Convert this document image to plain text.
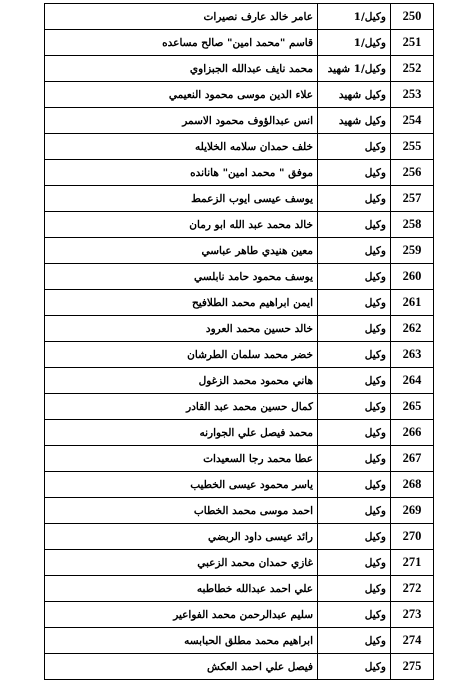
250	وكيل/1	عامر خالد عارف نصيرات
251	وكيل/1	قاسم "محمد امين" صالح مساعده
252	وكيل/1 شهيد	محمد نايف عبدالله الجبزاوي
253	وكيل شهيد	علاء الدين موسى محمود النعيمي
254	وكيل شهيد	انس عبدالؤوف محمود الاسمر
255	وكيل	خلف حمدان سلامه الخلايله
256	وكيل	موفق " محمد امين" هانانده
257	وكيل	يوسف عيسى ايوب الزعمط
258	وكيل	خالد محمد عبد الله ابو رمان
259	وكيل	معين هنيدي طاهر عباسي
260	وكيل	يوسف محمود حامد نابلسي
261	وكيل	ايمن ابراهيم محمد الطلافيح
262	وكيل	خالد حسين محمد العرود
263	وكيل	خضر محمد سلمان الطرشان
264	وكيل	هاني محمود محمد الزغول
265	وكيل	كمال حسين محمد عبد القادر
266	وكيل	محمد فيصل علي الجوارنه
267	وكيل	عطا محمد رجا السعيدات
268	وكيل	ياسر محمود عيسى الخطيب
269	وكيل	احمد موسى محمد الخطاب
270	وكيل	رائد عيسى داود الربضي
271	وكيل	غازي حمدان محمد الزعبي
272	وكيل	علي احمد عبدالله خطاطبه
273	وكيل	سليم عبدالرحمن محمد الفواعير
274	وكيل	ابراهيم محمد مطلق الحبابسه
275	وكيل	فيصل علي احمد العكش
